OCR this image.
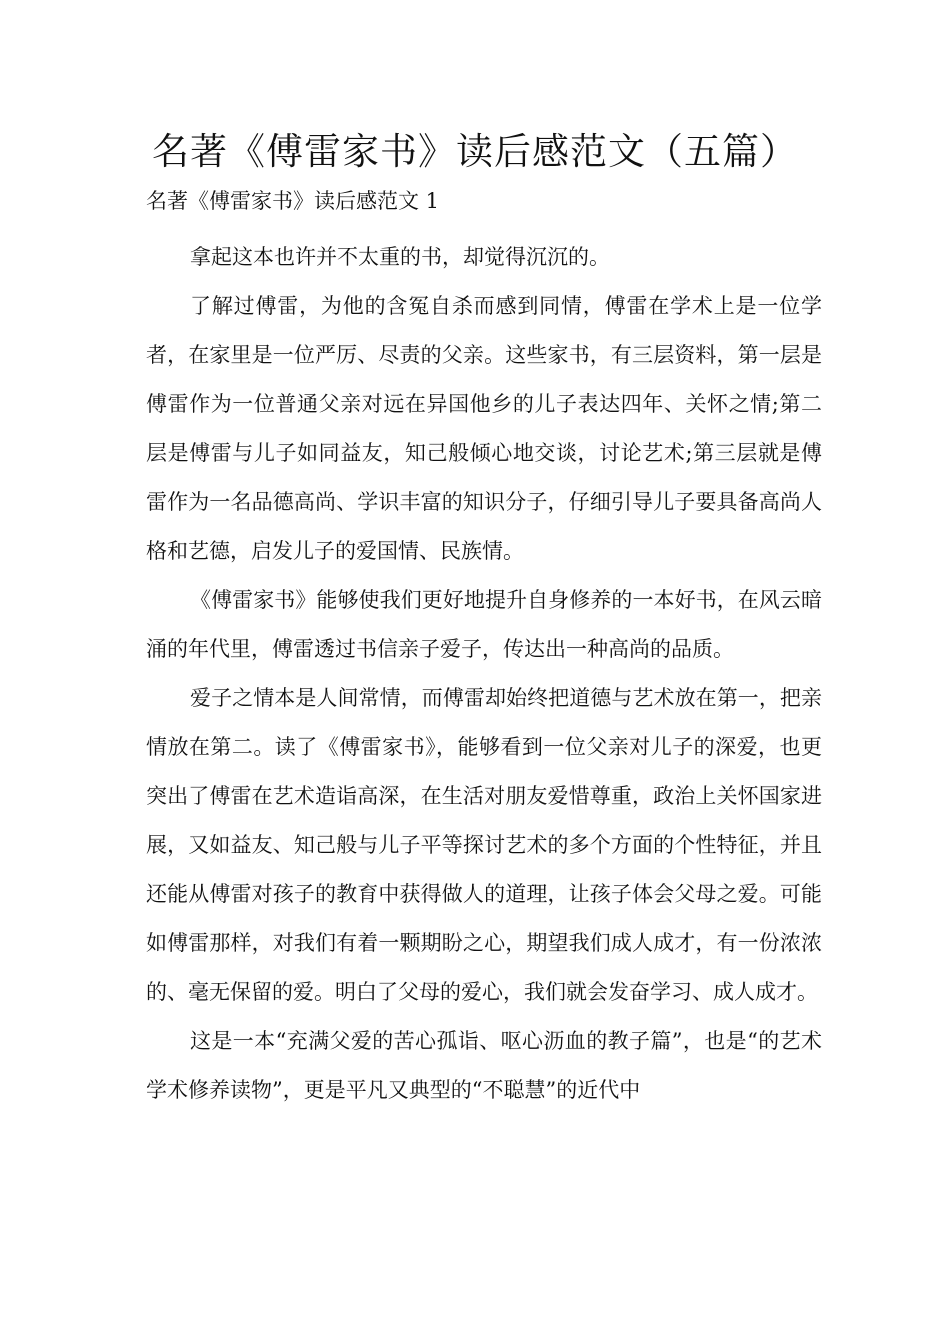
名著《傅雷家书》读后感范文（五篇）
名著《傅雷家书》读后感范文 1

拿起这本也许并不太重的书，却觉得沉沉的。

了解过傅雷，为他的含冤自杀而感到同情，傅雷在学术上是一位学者，在家里是一位严厉、尽责的父亲。这些家书，有三层资料，第一层是傅雷作为一位普通父亲对远在异国他乡的儿子表达四年、关怀之情;第二层是傅雷与儿子如同益友，知己般倾心地交谈，讨论艺术;第三层就是傅雷作为一名品德高尚、学识丰富的知识分子，仔细引导儿子要具备高尚人格和艺德，启发儿子的爱国情、民族情。

《傅雷家书》能够使我们更好地提升自身修养的一本好书，在风云暗涌的年代里，傅雷透过书信亲子爱子，传达出一种高尚的品质。

爱子之情本是人间常情，而傅雷却始终把道德与艺术放在第一，把亲情放在第二。读了《傅雷家书》，能够看到一位父亲对儿子的深爱，也更突出了傅雷在艺术造诣高深，在生活对朋友爱惜尊重，政治上关怀国家进展，又如益友、知己般与儿子平等探讨艺术的多个方面的个性特征，并且还能从傅雷对孩子的教育中获得做人的道理，让孩子体会父母之爱。可能如傅雷那样，对我们有着一颗期盼之心，期望我们成人成才，有一份浓浓的、毫无保留的爱。明白了父母的爱心，我们就会发奋学习、成人成才。

这是一本“充满父爱的苦心孤诣、呕心沥血的教子篇”，也是“的艺术学术修养读物”，更是平凡又典型的“不聪慧”的近代中
